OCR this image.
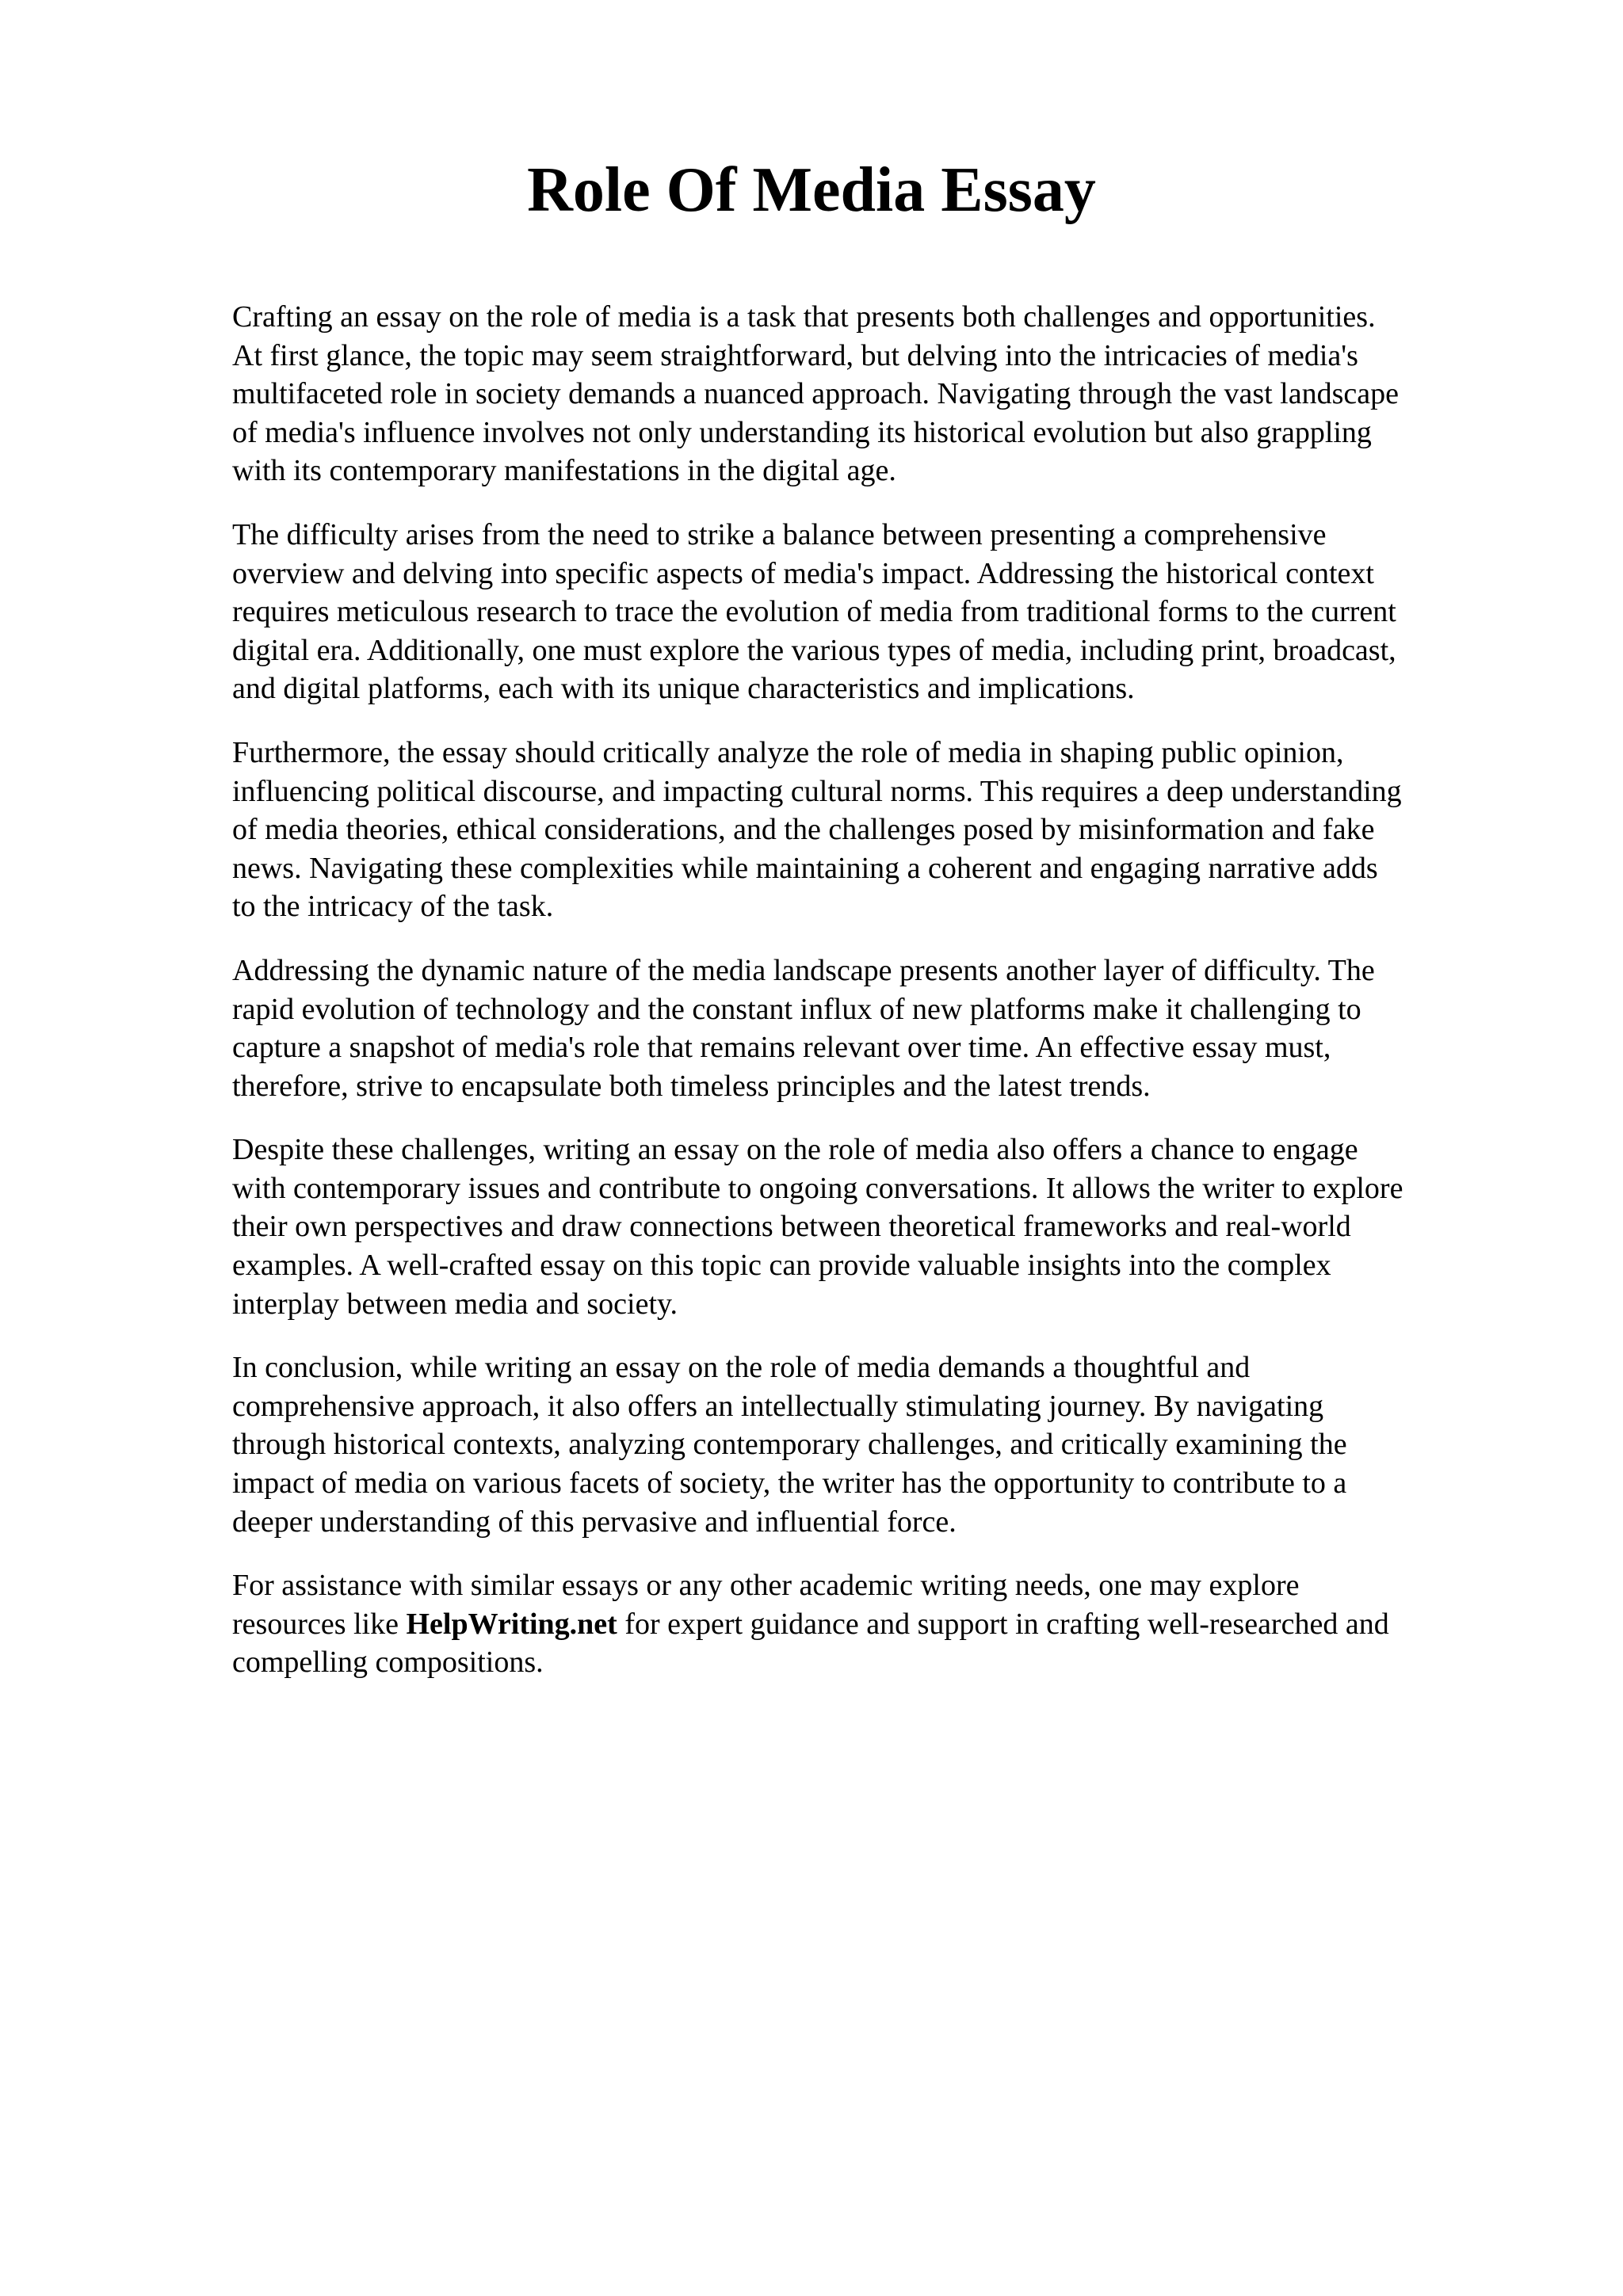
Role Of Media Essay

Crafting an essay on the role of media is a task that presents both challenges and opportunities.
At first glance, the topic may seem straightforward, but delving into the intricacies of media's
multifaceted role in society demands a nuanced approach. Navigating through the vast landscape
of media's influence involves not only understanding its historical evolution but also grappling
with its contemporary manifestations in the digital age.

The difficulty arises from the need to strike a balance between presenting a comprehensive
overview and delving into specific aspects of media's impact. Addressing the historical context
requires meticulous research to trace the evolution of media from traditional forms to the current
digital era. Additionally, one must explore the various types of media, including print, broadcast,
and digital platforms, each with its unique characteristics and implications.

Furthermore, the essay should critically analyze the role of media in shaping public opinion,
influencing political discourse, and impacting cultural norms. This requires a deep understanding
of media theories, ethical considerations, and the challenges posed by misinformation and fake
news. Navigating these complexities while maintaining a coherent and engaging narrative adds
to the intricacy of the task.

Addressing the dynamic nature of the media landscape presents another layer of difficulty. The
rapid evolution of technology and the constant influx of new platforms make it challenging to
capture a snapshot of media's role that remains relevant over time. An effective essay must,
therefore, strive to encapsulate both timeless principles and the latest trends.

Despite these challenges, writing an essay on the role of media also offers a chance to engage
with contemporary issues and contribute to ongoing conversations. It allows the writer to explore
their own perspectives and draw connections between theoretical frameworks and real-world
examples. A well-crafted essay on this topic can provide valuable insights into the complex
interplay between media and society.

In conclusion, while writing an essay on the role of media demands a thoughtful and
comprehensive approach, it also offers an intellectually stimulating journey. By navigating
through historical contexts, analyzing contemporary challenges, and critically examining the
impact of media on various facets of society, the writer has the opportunity to contribute to a
deeper understanding of this pervasive and influential force.

For assistance with similar essays or any other academic writing needs, one may explore
resources like HelpWriting.net for expert guidance and support in crafting well-researched and
compelling compositions.
